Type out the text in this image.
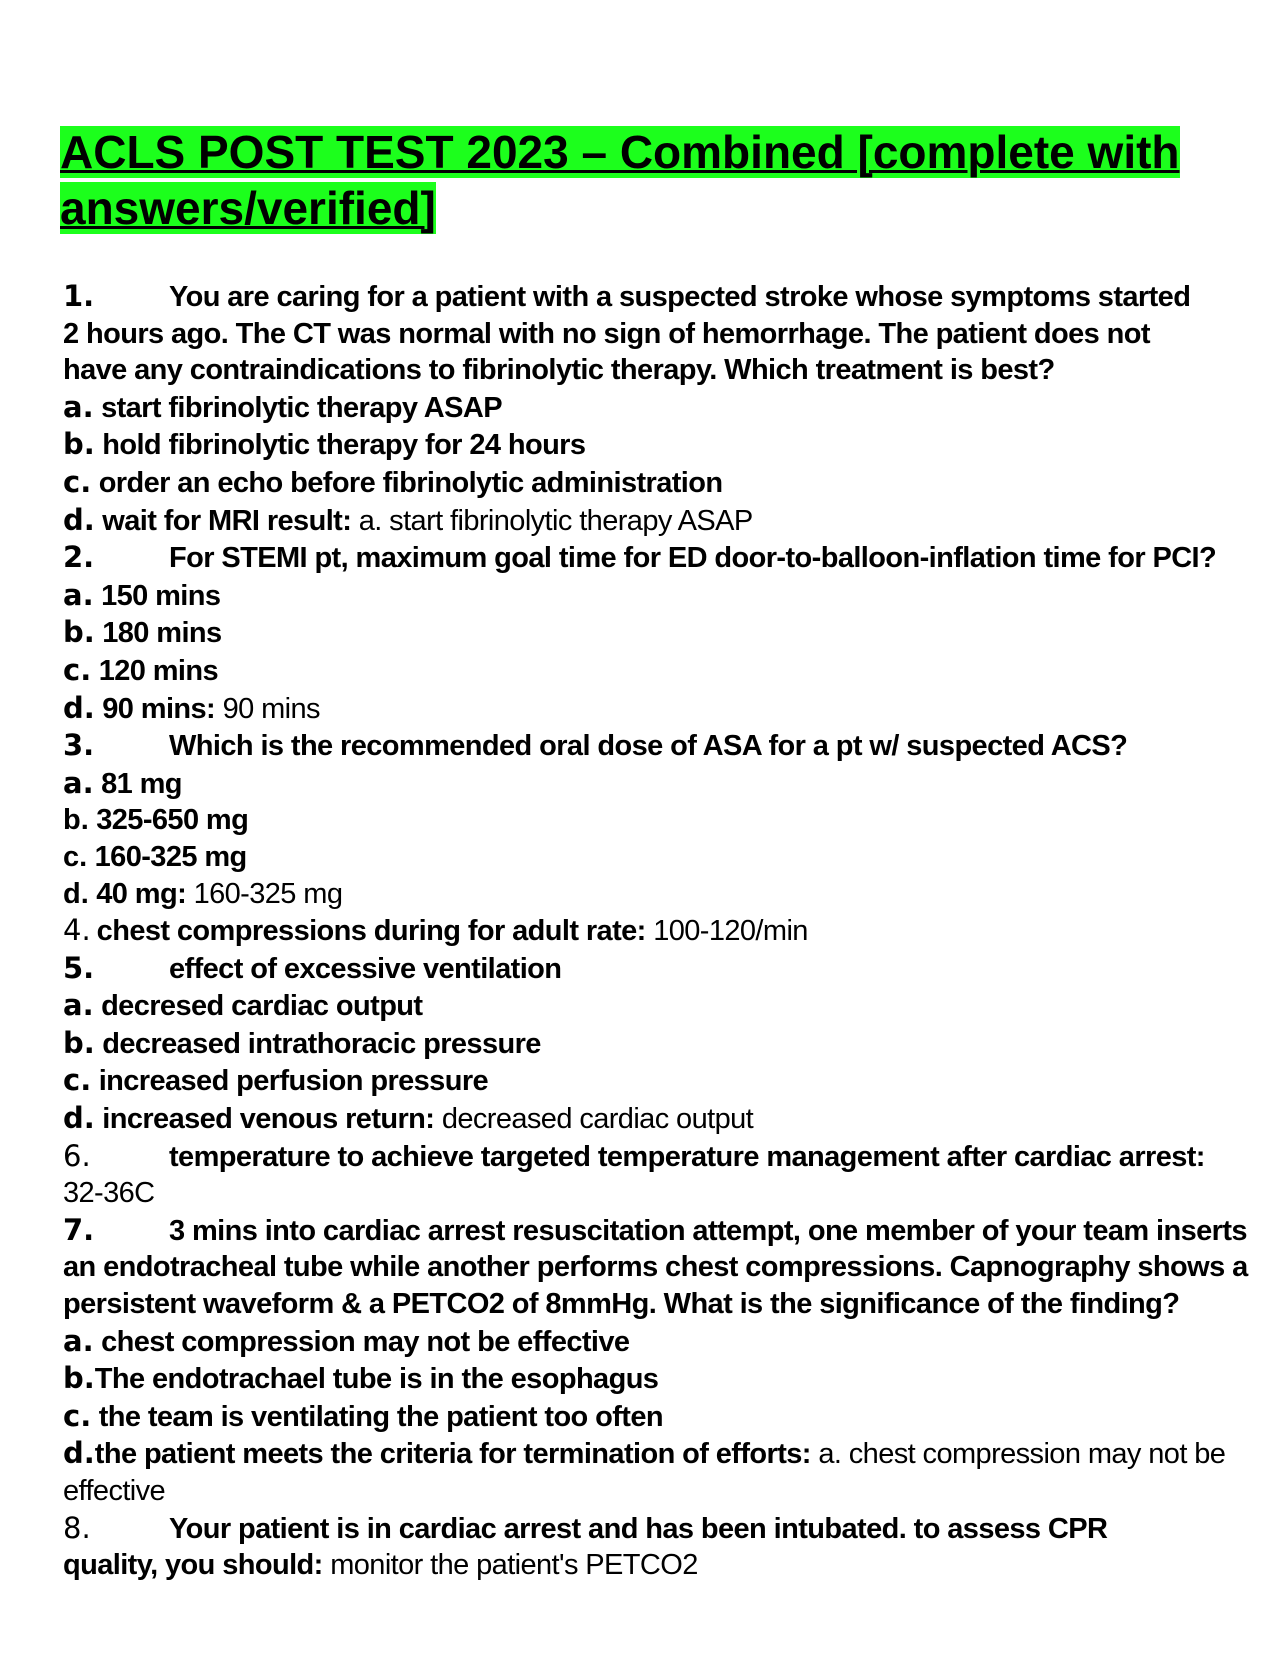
ACLS POST TEST 2023 – Combined [complete with answers/verified]
1.	You are caring for a patient with a suspected stroke whose symptoms started
2 hours ago. The CT was normal with no sign of hemorrhage. The patient does not
have any contraindications to fibrinolytic therapy. Which treatment is best?
a. start fibrinolytic therapy ASAP
b. hold fibrinolytic therapy for 24 hours
c. order an echo before fibrinolytic administration
d. wait for MRI result: a. start fibrinolytic therapy ASAP
2.	For STEMI pt, maximum goal time for ED door-to-balloon-inflation time for PCI?
a. 150 mins
b. 180 mins
c. 120 mins
d. 90 mins: 90 mins
3.	Which is the recommended oral dose of ASA for a pt w/ suspected ACS?
a. 81 mg
b. 325-650 mg
c. 160-325 mg
d. 40 mg: 160-325 mg
4. chest compressions during for adult rate: 100-120/min
5.	effect of excessive ventilation
a. decresed cardiac output
b. decreased intrathoracic pressure
c. increased perfusion pressure
d. increased venous return: decreased cardiac output
6.	temperature to achieve targeted temperature management after cardiac arrest:
32-36C
7.	3 mins into cardiac arrest resuscitation attempt, one member of your team inserts
an endotracheal tube while another performs chest compressions. Capnography shows a
persistent waveform & a PETCO2 of 8mmHg. What is the significance of the finding?
a. chest compression may not be effective
b.The endotrachael tube is in the esophagus
c. the team is ventilating the patient too often
d.the patient meets the criteria for termination of efforts: a. chest compression may not be
effective
8.	Your patient is in cardiac arrest and has been intubated. to assess CPR
quality, you should: monitor the patient's PETCO2
